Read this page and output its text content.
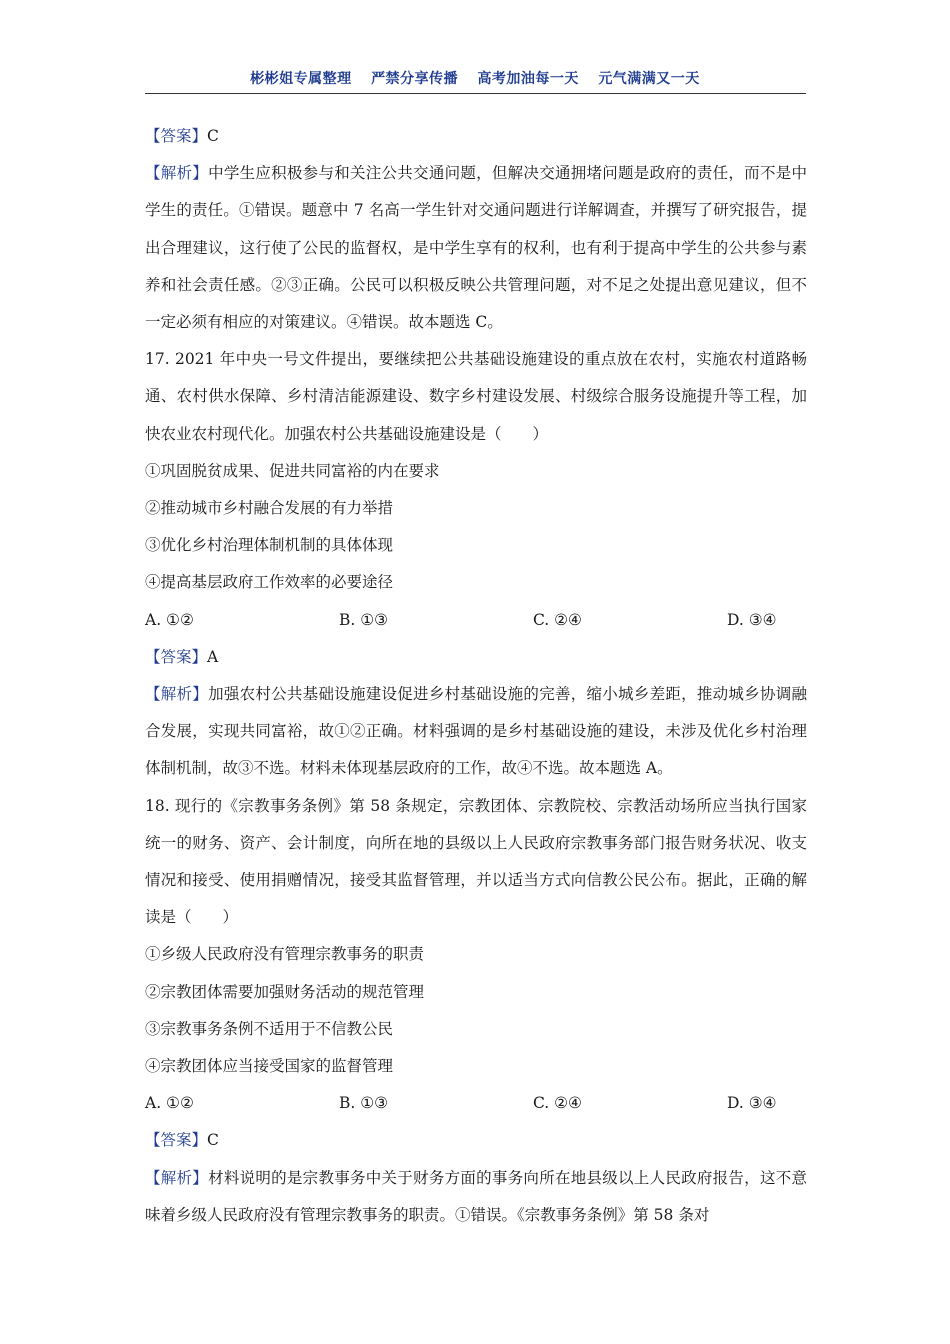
彬彬姐专属整理 严禁分享传播 高考加油每一天 元气满满又一天

【答案】C

【解析】中学生应积极参与和关注公共交通问题，但解决交通拥堵问题是政府的责任，而不是中学生的责任。①错误。题意中 7 名高一学生针对交通问题进行详解调查，并撰写了研究报告，提出合理建议，这行使了公民的监督权，是中学生享有的权利，也有利于提高中学生的公共参与素养和社会责任感。②③正确。公民可以积极反映公共管理问题，对不足之处提出意见建议，但不一定必须有相应的对策建议。④错误。故本题选 C。

17. 2021 年中央一号文件提出，要继续把公共基础设施建设的重点放在农村，实施农村道路畅通、农村供水保障、乡村清洁能源建设、数字乡村建设发展、村级综合服务设施提升等工程，加快农业农村现代化。加强农村公共基础设施建设是（　　）

①巩固脱贫成果、促进共同富裕的内在要求

②推动城市乡村融合发展的有力举措

③优化乡村治理体制机制的具体体现

④提高基层政府工作效率的必要途径

A. ①②	B. ①③	C. ②④	D. ③④

【答案】A

【解析】加强农村公共基础设施建设促进乡村基础设施的完善，缩小城乡差距，推动城乡协调融合发展，实现共同富裕，故①②正确。材料强调的是乡村基础设施的建设，未涉及优化乡村治理体制机制，故③不选。材料未体现基层政府的工作，故④不选。故本题选 A。

18. 现行的《宗教事务条例》第 58 条规定，宗教团体、宗教院校、宗教活动场所应当执行国家统一的财务、资产、会计制度，向所在地的县级以上人民政府宗教事务部门报告财务状况、收支情况和接受、使用捐赠情况，接受其监督管理，并以适当方式向信教公民公布。据此，正确的解读是（　　）

①乡级人民政府没有管理宗教事务的职责

②宗教团体需要加强财务活动的规范管理

③宗教事务条例不适用于不信教公民

④宗教团体应当接受国家的监督管理

A. ①②	B. ①③	C. ②④	D. ③④

【答案】C

【解析】材料说明的是宗教事务中关于财务方面的事务向所在地县级以上人民政府报告，这不意味着乡级人民政府没有管理宗教事务的职责。①错误。《宗教事务条例》第 58 条对
